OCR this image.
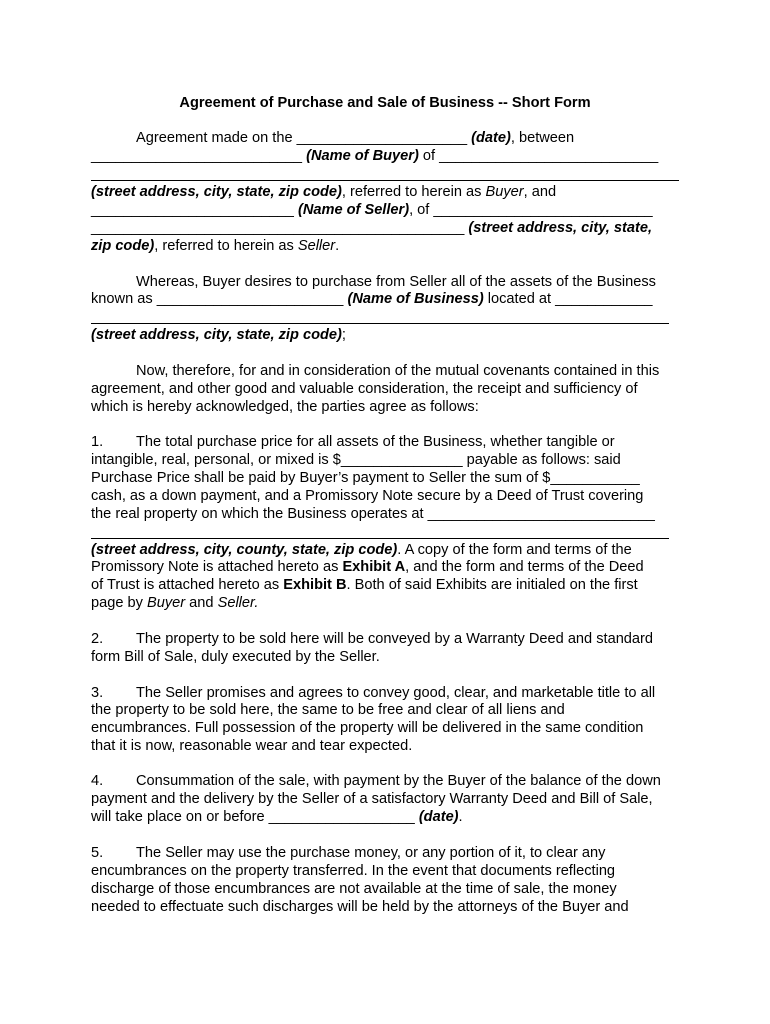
Agreement of Purchase and Sale of Business -- Short Form
Agreement made on the _____________________ (date), between
__________________________ (Name of Buyer) of ___________________________
(street address, city, state, zip code), referred to herein as Buyer, and
_________________________ (Name of Seller), of ___________________________
______________________________________________ (street address, city, state,
zip code), referred to herein as Seller.
Whereas, Buyer desires to purchase from Seller all of the assets of the Business
known as _______________________ (Name of Business) located at ____________
(street address, city, state, zip code);
Now, therefore, for and in consideration of the mutual covenants contained in this
agreement, and other good and valuable consideration, the receipt and sufficiency of
which is hereby acknowledged, the parties agree as follows:
1. The total purchase price for all assets of the Business, whether tangible or
intangible, real, personal, or mixed is $_______________ payable as follows: said
Purchase Price shall be paid by Buyer’s payment to Seller the sum of $___________
cash, as a down payment, and a Promissory Note secure by a Deed of Trust covering
the real property on which the Business operates at ____________________________
(street address, city, county, state, zip code). A copy of the form and terms of the
Promissory Note is attached hereto as Exhibit A, and the form and terms of the Deed
of Trust is attached hereto as Exhibit B. Both of said Exhibits are initialed on the first
page by Buyer and Seller.
2. The property to be sold here will be conveyed by a Warranty Deed and standard
form Bill of Sale, duly executed by the Seller.
3. The Seller promises and agrees to convey good, clear, and marketable title to all
the property to be sold here, the same to be free and clear of all liens and
encumbrances. Full possession of the property will be delivered in the same condition
that it is now, reasonable wear and tear expected.
4. Consummation of the sale, with payment by the Buyer of the balance of the down
payment and the delivery by the Seller of a satisfactory Warranty Deed and Bill of Sale,
will take place on or before __________________ (date).
5. The Seller may use the purchase money, or any portion of it, to clear any
encumbrances on the property transferred. In the event that documents reflecting
discharge of those encumbrances are not available at the time of sale, the money
needed to effectuate such discharges will be held by the attorneys of the Buyer and
